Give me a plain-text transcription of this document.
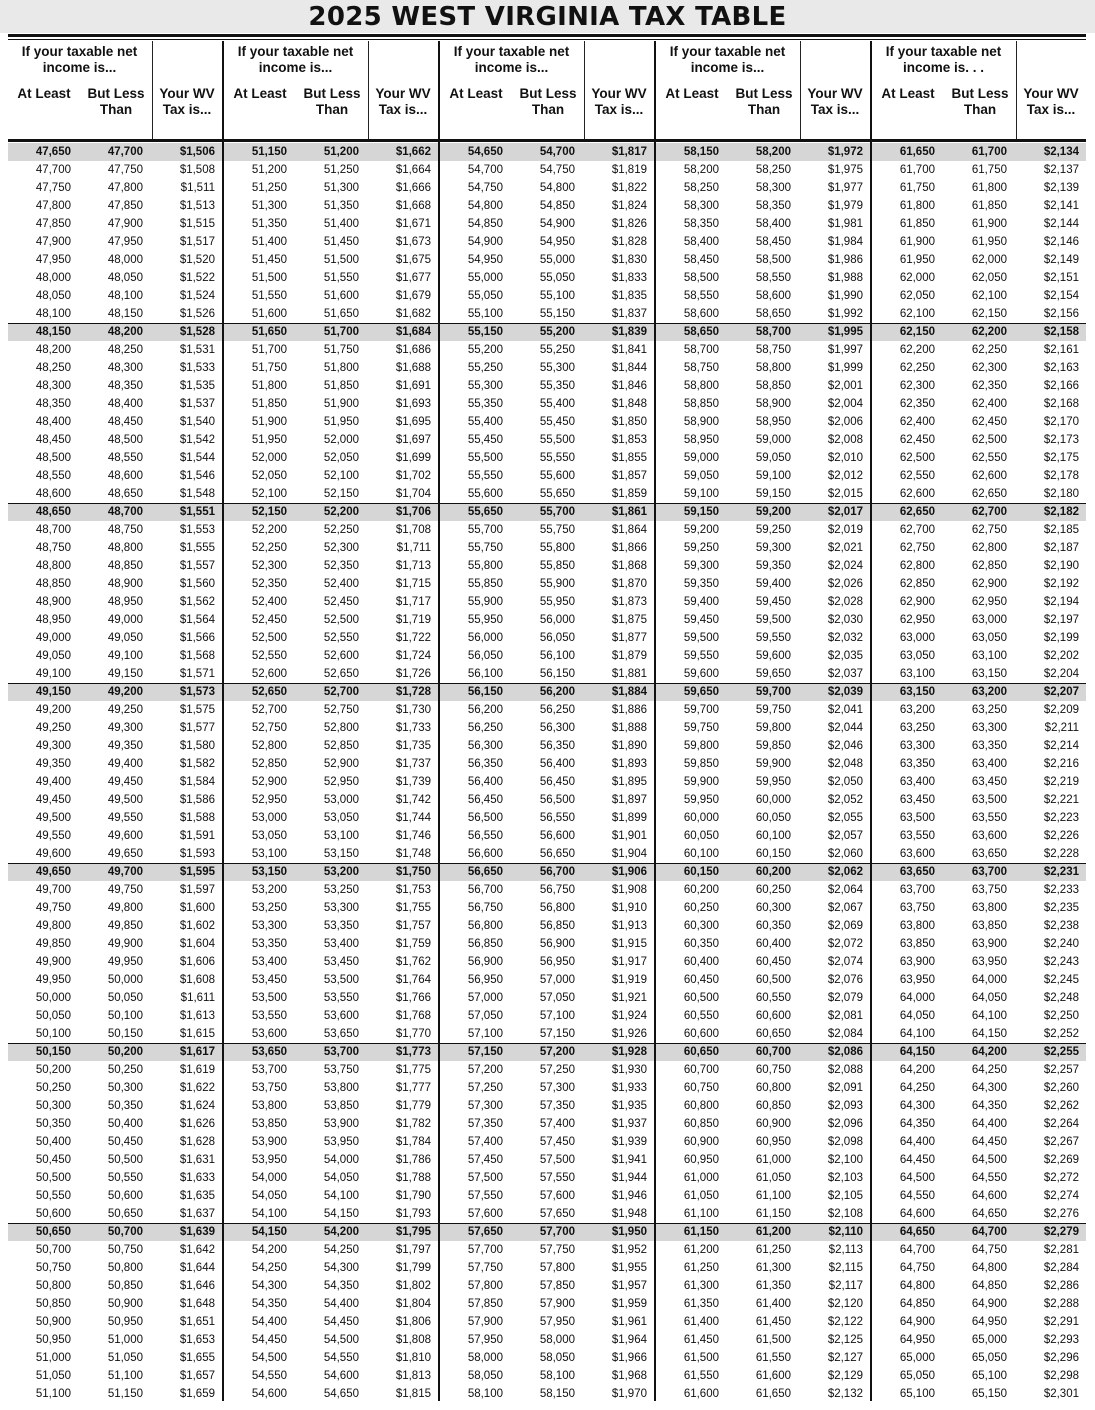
2025 WEST VIRGINIA TAX TABLE
If your taxable net income is...
At Least	But Less Than
Your WV Tax is...
47,650	47,700	$1,506
47,700	47,750	$1,508
47,750	47,800	$1,511
47,800	47,850	$1,513
47,850	47,900	$1,515
47,900	47,950	$1,517
47,950	48,000	$1,520
48,000	48,050	$1,522
48,050	48,100	$1,524
48,100	48,150	$1,526
48,150	48,200	$1,528
48,200	48,250	$1,531
48,250	48,300	$1,533
48,300	48,350	$1,535
48,350	48,400	$1,537
48,400	48,450	$1,540
48,450	48,500	$1,542
48,500	48,550	$1,544
48,550	48,600	$1,546
48,600	48,650	$1,548
48,650	48,700	$1,551
48,700	48,750	$1,553
48,750	48,800	$1,555
48,800	48,850	$1,557
48,850	48,900	$1,560
48,900	48,950	$1,562
48,950	49,000	$1,564
49,000	49,050	$1,566
49,050	49,100	$1,568
49,100	49,150	$1,571
49,150	49,200	$1,573
49,200	49,250	$1,575
49,250	49,300	$1,577
49,300	49,350	$1,580
49,350	49,400	$1,582
49,400	49,450	$1,584
49,450	49,500	$1,586
49,500	49,550	$1,588
49,550	49,600	$1,591
49,600	49,650	$1,593
49,650	49,700	$1,595
49,700	49,750	$1,597
49,750	49,800	$1,600
49,800	49,850	$1,602
49,850	49,900	$1,604
49,900	49,950	$1,606
49,950	50,000	$1,608
50,000	50,050	$1,611
50,050	50,100	$1,613
50,100	50,150	$1,615
50,150	50,200	$1,617
50,200	50,250	$1,619
50,250	50,300	$1,622
50,300	50,350	$1,624
50,350	50,400	$1,626
50,400	50,450	$1,628
50,450	50,500	$1,631
50,500	50,550	$1,633
50,550	50,600	$1,635
50,600	50,650	$1,637
50,650	50,700	$1,639
50,700	50,750	$1,642
50,750	50,800	$1,644
50,800	50,850	$1,646
50,850	50,900	$1,648
50,900	50,950	$1,651
50,950	51,000	$1,653
51,000	51,050	$1,655
51,050	51,100	$1,657
51,100	51,150	$1,659
If your taxable net income is...
At Least	But Less Than
Your WV Tax is...
51,150	51,200	$1,662
51,200	51,250	$1,664
51,250	51,300	$1,666
51,300	51,350	$1,668
51,350	51,400	$1,671
51,400	51,450	$1,673
51,450	51,500	$1,675
51,500	51,550	$1,677
51,550	51,600	$1,679
51,600	51,650	$1,682
51,650	51,700	$1,684
51,700	51,750	$1,686
51,750	51,800	$1,688
51,800	51,850	$1,691
51,850	51,900	$1,693
51,900	51,950	$1,695
51,950	52,000	$1,697
52,000	52,050	$1,699
52,050	52,100	$1,702
52,100	52,150	$1,704
52,150	52,200	$1,706
52,200	52,250	$1,708
52,250	52,300	$1,711
52,300	52,350	$1,713
52,350	52,400	$1,715
52,400	52,450	$1,717
52,450	52,500	$1,719
52,500	52,550	$1,722
52,550	52,600	$1,724
52,600	52,650	$1,726
52,650	52,700	$1,728
52,700	52,750	$1,730
52,750	52,800	$1,733
52,800	52,850	$1,735
52,850	52,900	$1,737
52,900	52,950	$1,739
52,950	53,000	$1,742
53,000	53,050	$1,744
53,050	53,100	$1,746
53,100	53,150	$1,748
53,150	53,200	$1,750
53,200	53,250	$1,753
53,250	53,300	$1,755
53,300	53,350	$1,757
53,350	53,400	$1,759
53,400	53,450	$1,762
53,450	53,500	$1,764
53,500	53,550	$1,766
53,550	53,600	$1,768
53,600	53,650	$1,770
53,650	53,700	$1,773
53,700	53,750	$1,775
53,750	53,800	$1,777
53,800	53,850	$1,779
53,850	53,900	$1,782
53,900	53,950	$1,784
53,950	54,000	$1,786
54,000	54,050	$1,788
54,050	54,100	$1,790
54,100	54,150	$1,793
54,150	54,200	$1,795
54,200	54,250	$1,797
54,250	54,300	$1,799
54,300	54,350	$1,802
54,350	54,400	$1,804
54,400	54,450	$1,806
54,450	54,500	$1,808
54,500	54,550	$1,810
54,550	54,600	$1,813
54,600	54,650	$1,815
If your taxable net income is...
At Least	But Less Than
Your WV Tax is...
54,650	54,700	$1,817
54,700	54,750	$1,819
54,750	54,800	$1,822
54,800	54,850	$1,824
54,850	54,900	$1,826
54,900	54,950	$1,828
54,950	55,000	$1,830
55,000	55,050	$1,833
55,050	55,100	$1,835
55,100	55,150	$1,837
55,150	55,200	$1,839
55,200	55,250	$1,841
55,250	55,300	$1,844
55,300	55,350	$1,846
55,350	55,400	$1,848
55,400	55,450	$1,850
55,450	55,500	$1,853
55,500	55,550	$1,855
55,550	55,600	$1,857
55,600	55,650	$1,859
55,650	55,700	$1,861
55,700	55,750	$1,864
55,750	55,800	$1,866
55,800	55,850	$1,868
55,850	55,900	$1,870
55,900	55,950	$1,873
55,950	56,000	$1,875
56,000	56,050	$1,877
56,050	56,100	$1,879
56,100	56,150	$1,881
56,150	56,200	$1,884
56,200	56,250	$1,886
56,250	56,300	$1,888
56,300	56,350	$1,890
56,350	56,400	$1,893
56,400	56,450	$1,895
56,450	56,500	$1,897
56,500	56,550	$1,899
56,550	56,600	$1,901
56,600	56,650	$1,904
56,650	56,700	$1,906
56,700	56,750	$1,908
56,750	56,800	$1,910
56,800	56,850	$1,913
56,850	56,900	$1,915
56,900	56,950	$1,917
56,950	57,000	$1,919
57,000	57,050	$1,921
57,050	57,100	$1,924
57,100	57,150	$1,926
57,150	57,200	$1,928
57,200	57,250	$1,930
57,250	57,300	$1,933
57,300	57,350	$1,935
57,350	57,400	$1,937
57,400	57,450	$1,939
57,450	57,500	$1,941
57,500	57,550	$1,944
57,550	57,600	$1,946
57,600	57,650	$1,948
57,650	57,700	$1,950
57,700	57,750	$1,952
57,750	57,800	$1,955
57,800	57,850	$1,957
57,850	57,900	$1,959
57,900	57,950	$1,961
57,950	58,000	$1,964
58,000	58,050	$1,966
58,050	58,100	$1,968
58,100	58,150	$1,970
If your taxable net income is...
At Least	But Less Than
Your WV Tax is...
58,150	58,200	$1,972
58,200	58,250	$1,975
58,250	58,300	$1,977
58,300	58,350	$1,979
58,350	58,400	$1,981
58,400	58,450	$1,984
58,450	58,500	$1,986
58,500	58,550	$1,988
58,550	58,600	$1,990
58,600	58,650	$1,992
58,650	58,700	$1,995
58,700	58,750	$1,997
58,750	58,800	$1,999
58,800	58,850	$2,001
58,850	58,900	$2,004
58,900	58,950	$2,006
58,950	59,000	$2,008
59,000	59,050	$2,010
59,050	59,100	$2,012
59,100	59,150	$2,015
59,150	59,200	$2,017
59,200	59,250	$2,019
59,250	59,300	$2,021
59,300	59,350	$2,024
59,350	59,400	$2,026
59,400	59,450	$2,028
59,450	59,500	$2,030
59,500	59,550	$2,032
59,550	59,600	$2,035
59,600	59,650	$2,037
59,650	59,700	$2,039
59,700	59,750	$2,041
59,750	59,800	$2,044
59,800	59,850	$2,046
59,850	59,900	$2,048
59,900	59,950	$2,050
59,950	60,000	$2,052
60,000	60,050	$2,055
60,050	60,100	$2,057
60,100	60,150	$2,060
60,150	60,200	$2,062
60,200	60,250	$2,064
60,250	60,300	$2,067
60,300	60,350	$2,069
60,350	60,400	$2,072
60,400	60,450	$2,074
60,450	60,500	$2,076
60,500	60,550	$2,079
60,550	60,600	$2,081
60,600	60,650	$2,084
60,650	60,700	$2,086
60,700	60,750	$2,088
60,750	60,800	$2,091
60,800	60,850	$2,093
60,850	60,900	$2,096
60,900	60,950	$2,098
60,950	61,000	$2,100
61,000	61,050	$2,103
61,050	61,100	$2,105
61,100	61,150	$2,108
61,150	61,200	$2,110
61,200	61,250	$2,113
61,250	61,300	$2,115
61,300	61,350	$2,117
61,350	61,400	$2,120
61,400	61,450	$2,122
61,450	61,500	$2,125
61,500	61,550	$2,127
61,550	61,600	$2,129
61,600	61,650	$2,132
If your taxable net income is. . .
At Least	But Less Than
Your WV Tax is...
61,650	61,700	$2,134
61,700	61,750	$2,137
61,750	61,800	$2,139
61,800	61,850	$2,141
61,850	61,900	$2,144
61,900	61,950	$2,146
61,950	62,000	$2,149
62,000	62,050	$2,151
62,050	62,100	$2,154
62,100	62,150	$2,156
62,150	62,200	$2,158
62,200	62,250	$2,161
62,250	62,300	$2,163
62,300	62,350	$2,166
62,350	62,400	$2,168
62,400	62,450	$2,170
62,450	62,500	$2,173
62,500	62,550	$2,175
62,550	62,600	$2,178
62,600	62,650	$2,180
62,650	62,700	$2,182
62,700	62,750	$2,185
62,750	62,800	$2,187
62,800	62,850	$2,190
62,850	62,900	$2,192
62,900	62,950	$2,194
62,950	63,000	$2,197
63,000	63,050	$2,199
63,050	63,100	$2,202
63,100	63,150	$2,204
63,150	63,200	$2,207
63,200	63,250	$2,209
63,250	63,300	$2,211
63,300	63,350	$2,214
63,350	63,400	$2,216
63,400	63,450	$2,219
63,450	63,500	$2,221
63,500	63,550	$2,223
63,550	63,600	$2,226
63,600	63,650	$2,228
63,650	63,700	$2,231
63,700	63,750	$2,233
63,750	63,800	$2,235
63,800	63,850	$2,238
63,850	63,900	$2,240
63,900	63,950	$2,243
63,950	64,000	$2,245
64,000	64,050	$2,248
64,050	64,100	$2,250
64,100	64,150	$2,252
64,150	64,200	$2,255
64,200	64,250	$2,257
64,250	64,300	$2,260
64,300	64,350	$2,262
64,350	64,400	$2,264
64,400	64,450	$2,267
64,450	64,500	$2,269
64,500	64,550	$2,272
64,550	64,600	$2,274
64,600	64,650	$2,276
64,650	64,700	$2,279
64,700	64,750	$2,281
64,750	64,800	$2,284
64,800	64,850	$2,286
64,850	64,900	$2,288
64,900	64,950	$2,291
64,950	65,000	$2,293
65,000	65,050	$2,296
65,050	65,100	$2,298
65,100	65,150	$2,301
